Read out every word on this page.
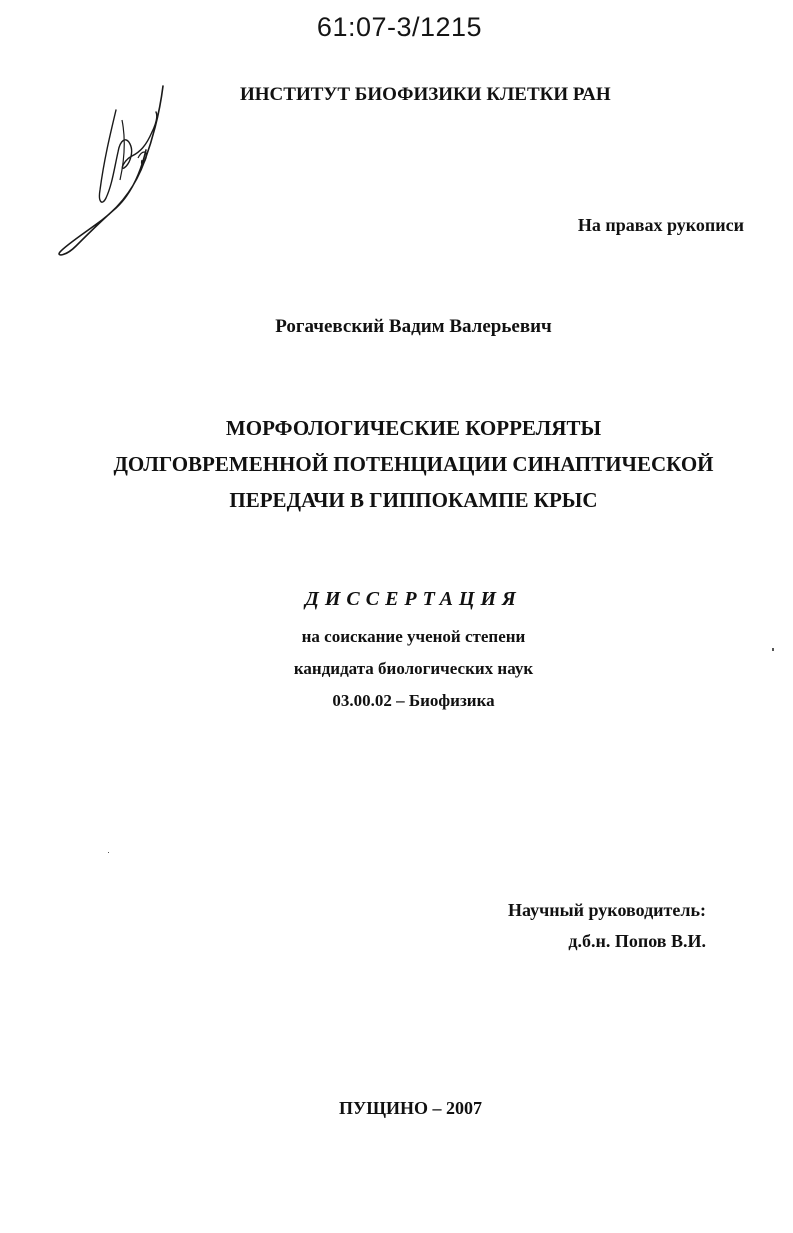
61:07-3/1215
ИНСТИТУТ БИОФИЗИКИ КЛЕТКИ РАН
На правах рукописи
Рогачевский Вадим Валерьевич
МОРФОЛОГИЧЕСКИЕ КОРРЕЛЯТЫ
ДОЛГОВРЕМЕННОЙ ПОТЕНЦИАЦИИ СИНАПТИЧЕСКОЙ
ПЕРЕДАЧИ В ГИППОКАМПЕ КРЫС
ДИССЕРТАЦИЯ
на соискание ученой степени
кандидата биологических наук
03.00.02 – Биофизика
Научный руководитель:
д.б.н. Попов В.И.
ПУЩИНО – 2007
